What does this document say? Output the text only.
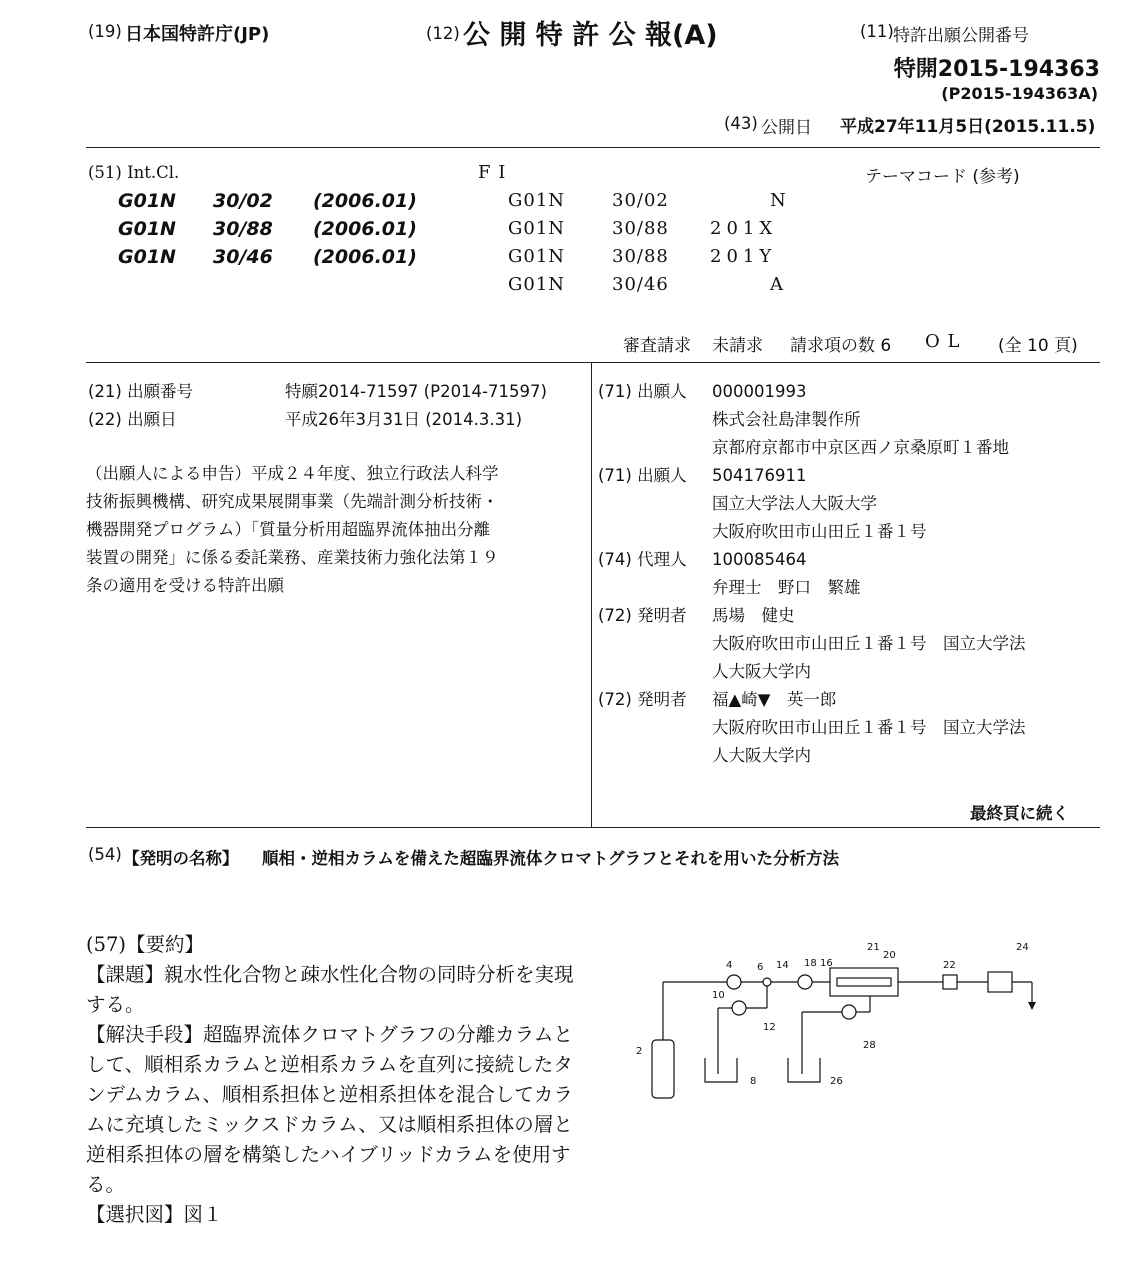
(19) 日本国特許庁(JP)	(12) 公 開 特 許 公 報(A)	(11) 特許出願公開番号
特開2015-194363
(P2015-194363A)
(43) 公開日 平成27年11月5日(2015.11.5)
(51) Int.Cl.	F I	テーマコード (参考)
G01N 30/02 (2006.01)
G01N 30/88 (2006.01)
G01N 30/46 (2006.01)
G01N	30/02	N
G01N	30/88 201X
G01N	30/88 201Y
G01N	30/46	A
審査請求 未請求 請求項の数 6 O L (全 10 頁)
(21) 出願番号	特願2014-71597 (P2014-71597)
(22) 出願日	平成26年3月31日 (2014.3.31)
（出願人による申告）平成２４年度、独立行政法人科学
技術振興機構、研究成果展開事業（先端計測分析技術・
機器開発プログラム）「質量分析用超臨界流体抽出分離
装置の開発」に係る委託業務、産業技術力強化法第１９
条の適用を受ける特許出願
(71) 出願人 000001993
株式会社島津製作所
京都府京都市中京区西ノ京桑原町１番地
(71) 出願人 504176911
国立大学法人大阪大学
大阪府吹田市山田丘１番１号
(74) 代理人 100085464
弁理士　野口　繁雄
(72) 発明者 馬場　健史
大阪府吹田市山田丘１番１号　国立大学法
人大阪大学内
(72) 発明者 福▲崎▼　英一郎
大阪府吹田市山田丘１番１号　国立大学法
人大阪大学内
最終頁に続く
(54) 【発明の名称】 順相・逆相カラムを備えた超臨界流体クロマトグラフとそれを用いた分析方法
(57)【要約】
【課題】親水性化合物と疎水性化合物の同時分析を実現
する。
【解決手段】超臨界流体クロマトグラフの分離カラムと
して、順相系カラムと逆相系カラムを直列に接続したタ
ンデムカラム、順相系担体と逆相系担体を混合してカラ
ムに充填したミックスドカラム、又は順相系担体の層と
逆相系担体の層を構築したハイブリッドカラムを使用す
る。
【選択図】図１
4 6 14 18 16
21
20
22
24
10
12
2
8	26
28
